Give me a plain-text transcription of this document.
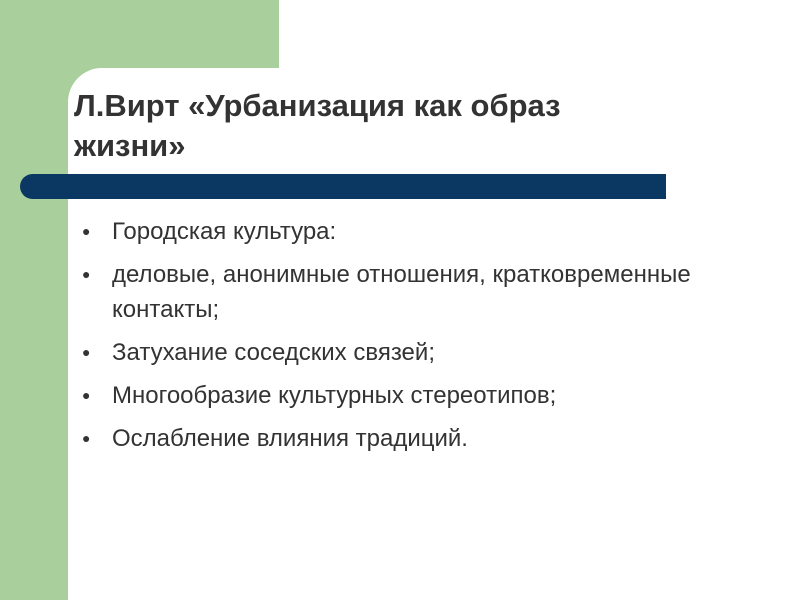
Л.Вирт «Урбанизация как образ жизни»
● Городская культура:
● деловые, анонимные отношения, кратковременные контакты;
● Затухание соседских связей;
● Многообразие культурных стереотипов;
● Ослабление влияния традиций.
